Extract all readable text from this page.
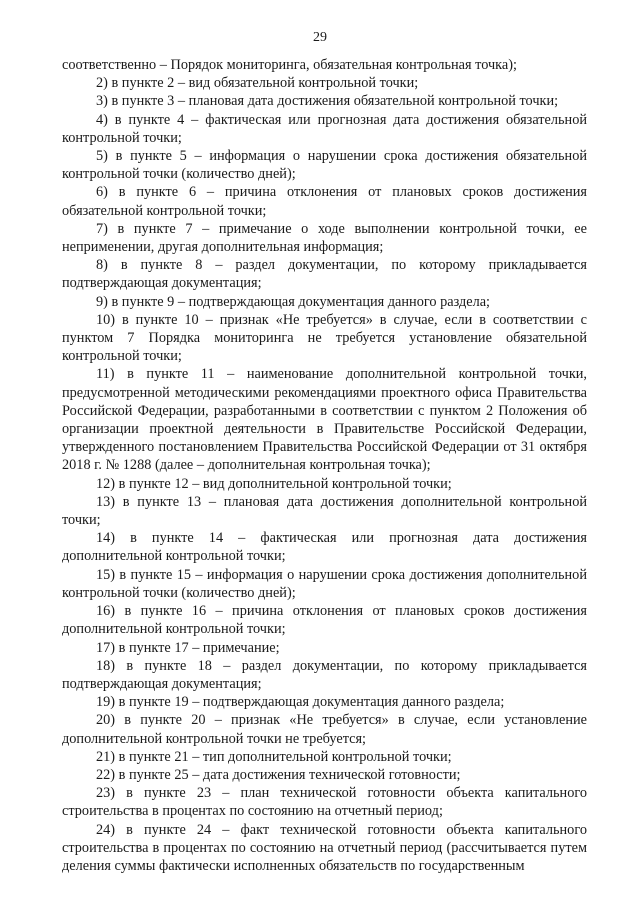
29

соответственно – Порядок мониторинга, обязательная контрольная точка);

2) в пункте 2 – вид обязательной контрольной точки;

3) в пункте 3 – плановая дата достижения обязательной контрольной точки;

4) в пункте 4 – фактическая или прогнозная дата достижения обязательной контрольной точки;

5) в пункте 5 – информация о нарушении срока достижения обязательной контрольной точки (количество дней);

6) в пункте 6 – причина отклонения от плановых сроков достижения обязательной контрольной точки;

7) в пункте 7 – примечание о ходе выполнении контрольной точки, ее неприменении, другая дополнительная информация;

8) в пункте 8 – раздел документации, по которому прикладывается подтверждающая документация;

9) в пункте 9 – подтверждающая документация данного раздела;

10) в пункте 10 – признак «Не требуется» в случае, если в соответствии с пунктом 7 Порядка мониторинга не требуется установление обязательной контрольной точки;

11) в пункте 11 – наименование дополнительной контрольной точки, предусмотренной методическими рекомендациями проектного офиса Правительства Российской Федерации, разработанными в соответствии с пунктом 2 Положения об организации проектной деятельности в Правительстве Российской Федерации, утвержденного постановлением Правительства Российской Федерации от 31 октября 2018 г. № 1288 (далее – дополнительная контрольная точка);

12) в пункте 12 – вид дополнительной контрольной точки;

13) в пункте 13 – плановая дата достижения дополнительной контрольной точки;

14) в пункте 14 – фактическая или прогнозная дата достижения дополнительной контрольной точки;

15) в пункте 15 – информация о нарушении срока достижения дополнительной контрольной точки (количество дней);

16) в пункте 16 – причина отклонения от плановых сроков достижения дополнительной контрольной точки;

17) в пункте 17 – примечание;

18) в пункте 18 – раздел документации, по которому прикладывается подтверждающая документация;

19) в пункте 19 – подтверждающая документация данного раздела;

20) в пункте 20 – признак «Не требуется» в случае, если установление дополнительной контрольной точки не требуется;

21) в пункте 21 – тип дополнительной контрольной точки;

22) в пункте 25 – дата достижения технической готовности;

23) в пункте 23 – план технической готовности объекта капитального строительства в процентах по состоянию на отчетный период;

24) в пункте 24 – факт технической готовности объекта капитального строительства в процентах по состоянию на отчетный период (рассчитывается путем деления суммы фактически исполненных обязательств по государственным
